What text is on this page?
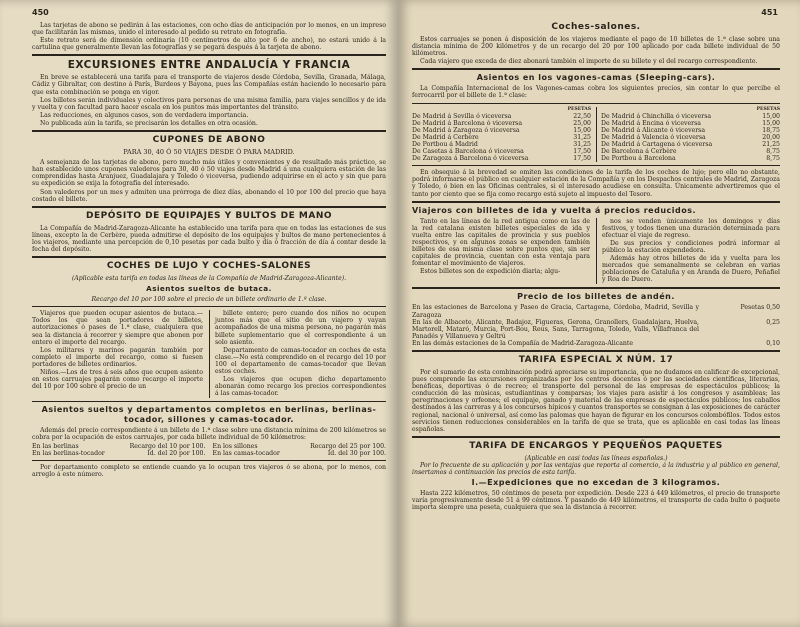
450

Las tarjetas de abono se pedirán á las estaciones, con ocho días de anticipación por lo menos, en un impreso que facilitarán las mismas, unido el interesado al pedido su retrato en fotografía.

Este retrato será de dimensión ordinaria (10 centímetros de alto por 6 de ancho), no estará unido á la cartulina que generalmente llevan las fotografías y se pegará después á la tarjeta de abono.

EXCURSIONES ENTRE ANDALUCÍA Y FRANCIA

En breve se establecerá una tarifa para el transporte de viajeros desde Córdoba, Sevilla, Granada, Málaga, Cádiz y Gibraltar, con destino á París, Burdeos y Bayona, pues las Compañías están haciendo lo necesario para que esta combinación se ponga en vigor.

Los billetes serán individuales y colectivos para personas de una misma familia, para viajes sencillos y de ida y vuelta y con facultad para hacer escala en los puntos más importantes del tránsito.

Las reducciones, en algunos casos, son de verdadera importancia.

No publicada aún la tarifa, se precisarán los detalles en otra ocasión.

CUPONES DE ABONO
PARA 30, 40 Ó 50 VIAJES DESDE Ó PARA MADRID.

A semejanza de las tarjetas de abono, pero mucho más útiles y convenientes y de resultado más práctico, se han establecido unos cupones valederos para 30, 40 ó 50 viajes desde Madrid á una cualquiera estación de las comprendidas hasta Aranjuez, Guadalajara y Toledo ó viceversa, pudiendo adquirirse en el acto y sin que para su expedición se exija la fotografía del interesado.

Son valederos por un mes y admiten una prórroga de diez días, abonando el 10 por 100 del precio que haya costado el billete.

DEPÓSITO DE EQUIPAJES Y BULTOS DE MANO

La Compañía de Madrid-Zaragoza-Alicante ha establecido una tarifa para que en todas las estaciones de sus líneas, excepto la de Cerbère, pueda admitirse el depósito de los equipajes y bultos de mano pertenecientes á los viajeros, mediante una percepción de 0,10 pesetas por cada bulto y día ó fracción de día á contar desde la fecha del depósito.

COCHES DE LUJO Y COCHES-SALONES
(Aplicable esta tarifa en todas las líneas de la Compañía de Madrid-Zaragoza-Alicante).
Asientos sueltos de butaca.
Recargo del 10 por 100 sobre el precio de un billete ordinario de 1.ª clase.

Viajeros que pueden ocupar asientos de butaca.—Todos los que sean portadores de billetes, autorizaciones ó pases de 1.ª clase, cualquiera que sea la distancia á recorrer y siempre que abonen por entero el importe del recargo.

Los militares y marinos pagarán también por completo el importe del recargo, como si fuesen portadores de billetes ordinarios.

Niños.—Los de tres á seis años que ocupen asiento en estos carruajes pagarán como recargo el importe del 10 por 100 sobre el precio de un

billete entero; pero cuando dos niños no ocupen juntos más que el sitio de un viajero y vayan acompañados de una misma persona, no pagarán más billete suplementario que el correspondiente á un solo asiento.

Departamento de camas-tocador en coches de esta clase.—No está comprendido en el recargo del 10 por 100 el departamento de camas-tocador que llevan estos coches.

Los viajeros que ocupen dicho departamento abonarán como recargo los precios correspondientes á las camas-tocador.

Asientos sueltos y departamentos completos en berlinas, berlinas-tocador, sillones y camas-tocador.

Además del precio correspondiente á un billete de 1.ª clase sobre una distancia mínima de 200 kilómetros se cobra por la ocupación de estos carruajes, por cada billete individual de 50 kilómetros:

En las berlinas	Recargo del 10 por 100.
En las berlinas-tocador	Id. del 20 por 100.
En los sillones	Recargo del 25 por 100.
En las camas-tocador	Id. del 30 por 100.

Por departamento completo se entiende cuando ya lo ocupan tres viajeros ó se abona, por lo menos, con arreglo á este número.

451
Coches-salones.

Estos carruajes se ponen á disposición de los viajeros mediante el pago de 10 billetes de 1.ª clase sobre una distancia mínima de 200 kilómetros y de un recargo del 20 por 100 aplicado por cada billete individual de 50 kilómetros.

Cada viajero que exceda de diez abonará también el importe de su billete y el del recargo correspondiente.

Asientos en los vagones-camas (Sleeping-cars).

La Compañía Internacional de los Vagones-camas cobra los siguientes precios, sin contar lo que percibe el ferrocarril por el billete de 1.ª clase:

PESETAS
De Madrid á Sevilla ó viceversa	22,50
De Madrid á Barcelona ó viceversa	25,00
De Madrid á Zaragoza ó viceversa	15,00
De Madrid á Cerbère	31,25
De Portbou á Madrid	31,25
De Casetas á Barcelona ó viceversa	17,50
De Zaragoza á Barcelona ó viceversa	17,50
PESETAS
De Madrid á Chinchilla ó viceversa	15,00
De Madrid á Encina ó viceversa	15,00
De Madrid á Alicante ó viceversa	18,75
De Madrid á Valencia ó viceversa	20,00
De Madrid á Cartagena ó viceversa	21,25
De Barcelona á Cerbère	8,75
De Portbou á Barcelona	8,75

En obsequio á la brevedad se omiten las condiciones de la tarifa de los coches de lujo; pero ello no obstante, podrá informarse el público en cualquier estación de la Compañía y en los Despachos centrales de Madrid, Zaragoza y Toledo, ó bien en las Oficinas centrales, si el interesado acudiese en consulta. Únicamente advertiremos que el tanto por ciento que se fija como recargo está sujeto al impuesto del Tesoro.

Viajeros con billetes de ida y vuelta á precios reducidos.

Tanto en las líneas de la red antigua como en las de la red catalana existen billetes especiales de ida y vuelta entre las capitales de provincia y sus pueblos respectivos, y en algunos zonas se expenden también billetes de esa misma clase sobre puntos que, sin ser capitales de provincia, cuentan con esta ventaja para fomentar el movimiento de viajeros.

Estos billetes son de expedición diaria; algu-

nos se venden únicamente los domingos y días festivos, y todos tienen una duración determinada para efectuar el viaje de regreso.

De sus precios y condiciones podrá informar al público la estación expendedora.

Además hay otros billetes de ida y vuelta para los mercados que semanalmente se celebran en varias poblaciones de Cataluña y en Aranda de Duero, Peñafiel y Roa de Duero.

Precio de los billetes de andén.
En las estaciones de Barcelona y Paseo de Gracia, Cartagena, Córdoba, Madrid, Sevilla y Zaragoza
Pesetas 0,50
En las de Albacete, Alicante, Badajoz, Figueras, Gerona, Granollers, Guadalajara, Huelva, Martorell, Mataró, Murcia, Port-Bou, Reus, Sans, Tarragona, Toledo, Valls, Villafranca del Panadés y Villanueva y Geltrú
0,25
En las demás estaciones de la Compañía de Madrid-Zaragoza-Alicante	0,10
TARIFA ESPECIAL X NÚM. 17

Por el sumario de esta combinación podrá apreciarse su importancia, que no dudamos en calificar de excepcional, pues comprende las excursiones organizadas por los centros docentes ó por las sociedades científicas, literarias, benéficas, deportivas ó de recreo; el transporte del personal de las empresas de espectáculos públicos; la conducción de las músicas, estudiantinas y comparsas; los viajes para asistir á los congresos y asambleas; las peregrinaciones y orfeones; el equipaje, ganado y material de las empresas de espectáculos públicos; los caballos destinados á las carreras y á los concursos hípicos y cuantos transportes se consignan á las exposiciones de carácter regional, nacional ó universal, así como las palomas que hayan de figurar en los concursos colombófilos. Todos estos servicios tienen reducciones considerables en la tarifa de que se trata, que es aplicable en casi todas las líneas españolas.

TARIFA DE ENCARGOS Y PEQUEÑOS PAQUETES
(Aplicable en casi todas las líneas españolas.)

Por lo frecuente de su aplicación y por las ventajas que reporta al comercio, á la industria y al público en general, insertamos á continuación los precios de esta tarifa.

I.—Expediciones que no excedan de 3 kilogramos.

Hasta 222 kilómetros, 50 céntimos de peseta por expedición. Desde 223 á 449 kilómetros, el precio de transporte varía progresivamente desde 51 á 99 céntimos. Y pasando de 449 kilómetros, el transporte de cada bulto ó paquete importa siempre una peseta, cualquiera que sea la distancia á recorrer.
